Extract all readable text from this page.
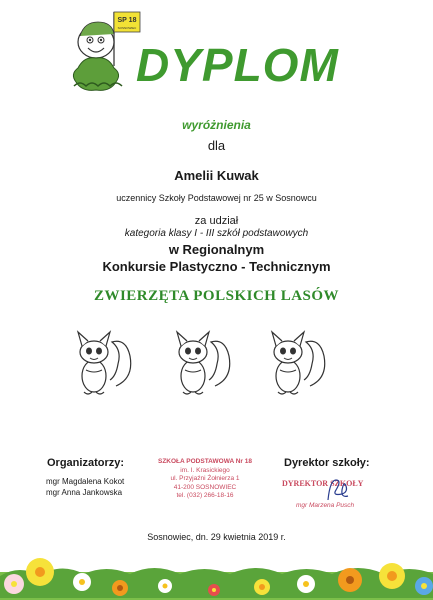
SP 18
SOSNOWIEC
DYPLOM
wyróżnienia
dla
Amelii Kuwak
uczennicy Szkoły Podstawowej nr 25 w Sosnowcu
za udział
kategoria klasy I - III szkół podstawowych
w Regionalnym
Konkursie Plastyczno - Technicznym
ZWIERZĘTA POLSKICH LASÓW
Organizatorzy:
mgr Magdalena Kokot
mgr Anna Jankowska
SZKOŁA PODSTAWOWA Nr 18
im. I. Krasickiego
ul. Przyjaźni Żołnierza 1
41-200 SOSNOWIEC
tel. (032) 266-18-16
Dyrektor szkoły:
DYREKTOR SZKOŁY
mgr Marzena Pusch
Sosnowiec, dn. 29 kwietnia 2019 r.
